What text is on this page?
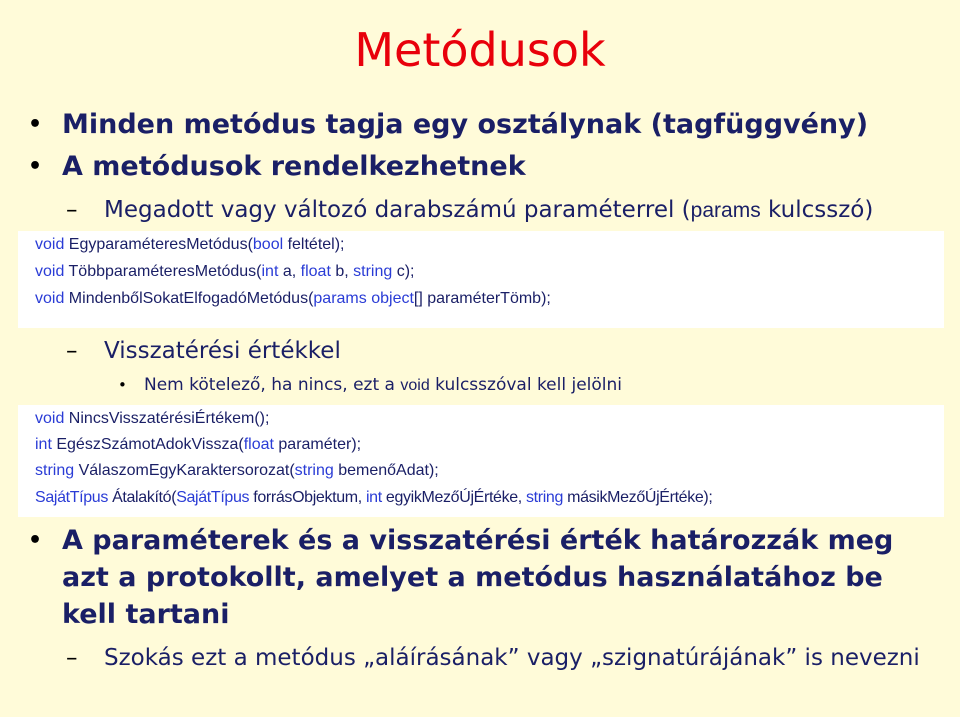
Metódusok
• Minden metódus tagja egy osztálynak (tagfüggvény)
• A metódusok rendelkezhetnek
– Megadott vagy változó darabszámú paraméterrel (params kulcsszó)
void EgyparaméteresMetódus(bool feltétel);
void TöbbparaméteresMetódus(int a, float b, string c);
void MindenbőlSokatElfogadóMetódus(params object[] paraméterTömb);
– Visszatérési értékkel
• Nem kötelező, ha nincs, ezt a void kulcsszóval kell jelölni
void NincsVisszatérésiÉrtékem();
int EgészSzámotAdokVissza(float paraméter);
string VálaszomEgyKaraktersorozat(string bemenőAdat);
SajátTípus Átalakító(SajátTípus forrásObjektum, int egyikMezőÚjÉrtéke, string másikMezőÚjÉrtéke);
• A paraméterek és a visszatérési érték határozzák meg azt a protokollt, amelyet a metódus használatához be kell tartani
– Szokás ezt a metódus „aláírásának” vagy „szignatúrájának” is nevezni
